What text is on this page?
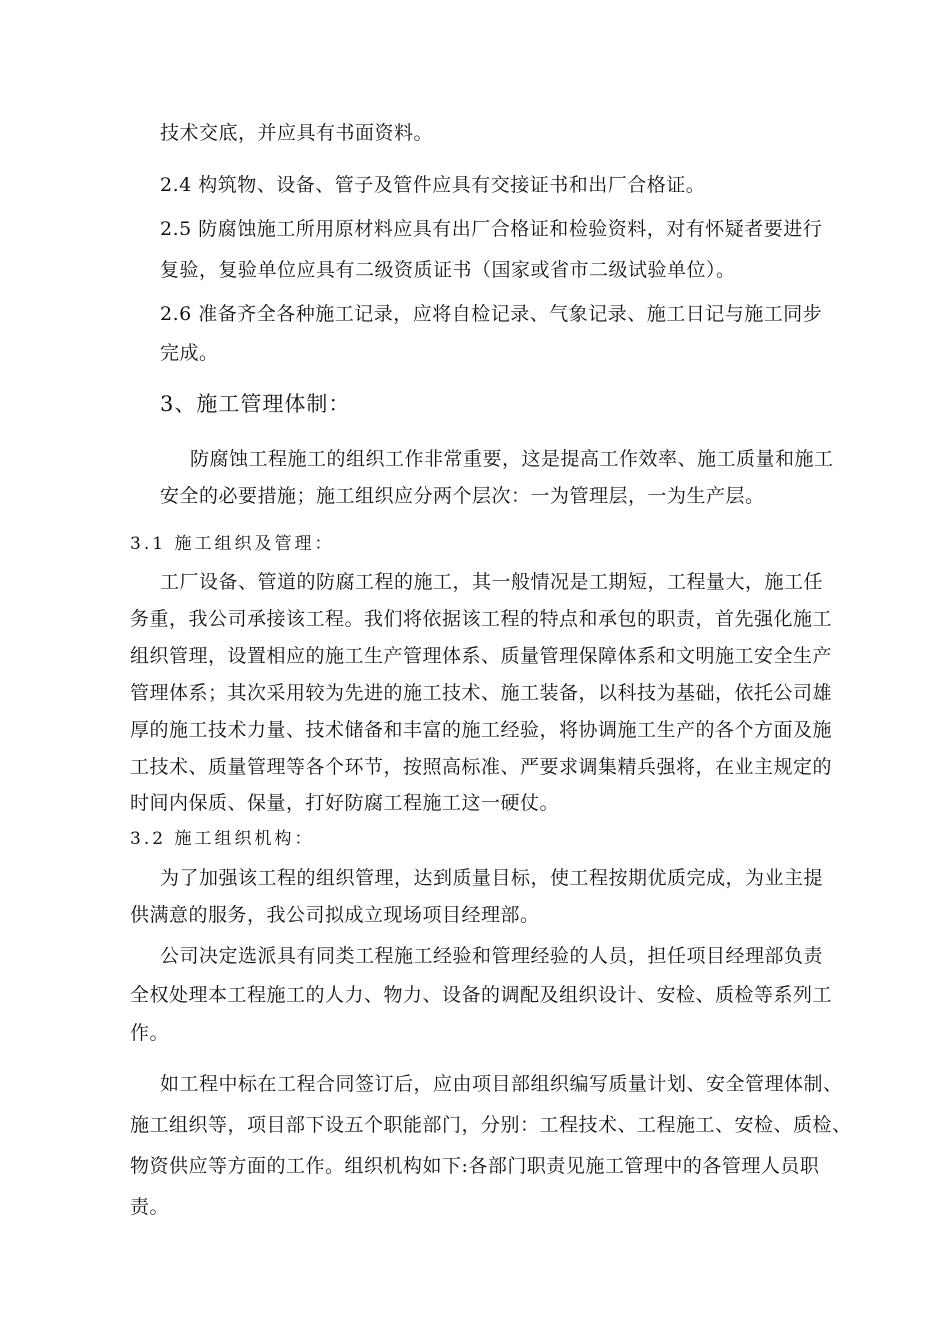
技术交底，并应具有书面资料。
2.4 构筑物、设备、管子及管件应具有交接证书和出厂合格证。
2.5 防腐蚀施工所用原材料应具有出厂合格证和检验资料，对有怀疑者要进行
复验，复验单位应具有二级资质证书（国家或省市二级试验单位）。
2.6 准备齐全各种施工记录，应将自检记录、气象记录、施工日记与施工同步
完成。
3、施工管理体制：
防腐蚀工程施工的组织工作非常重要，这是提高工作效率、施工质量和施工
安全的必要措施；施工组织应分两个层次：一为管理层，一为生产层。
3.1 施工组织及管理：
工厂设备、管道的防腐工程的施工，其一般情况是工期短，工程量大，施工任
务重，我公司承接该工程。我们将依据该工程的特点和承包的职责，首先强化施工
组织管理，设置相应的施工生产管理体系、质量管理保障体系和文明施工安全生产
管理体系；其次采用较为先进的施工技术、施工装备，以科技为基础，依托公司雄
厚的施工技术力量、技术储备和丰富的施工经验，将协调施工生产的各个方面及施
工技术、质量管理等各个环节，按照高标准、严要求调集精兵强将，在业主规定的
时间内保质、保量，打好防腐工程施工这一硬仗。
3.2 施工组织机构：
为了加强该工程的组织管理，达到质量目标，使工程按期优质完成，为业主提
供满意的服务，我公司拟成立现场项目经理部。
公司决定选派具有同类工程施工经验和管理经验的人员，担任项目经理部负责
全权处理本工程施工的人力、物力、设备的调配及组织设计、安检、质检等系列工
作。
如工程中标在工程合同签订后，应由项目部组织编写质量计划、安全管理体制、
施工组织等，项目部下设五个职能部门，分别：工程技术、工程施工、安检、质检、
物资供应等方面的工作。组织机构如下:各部门职责见施工管理中的各管理人员职
责。
